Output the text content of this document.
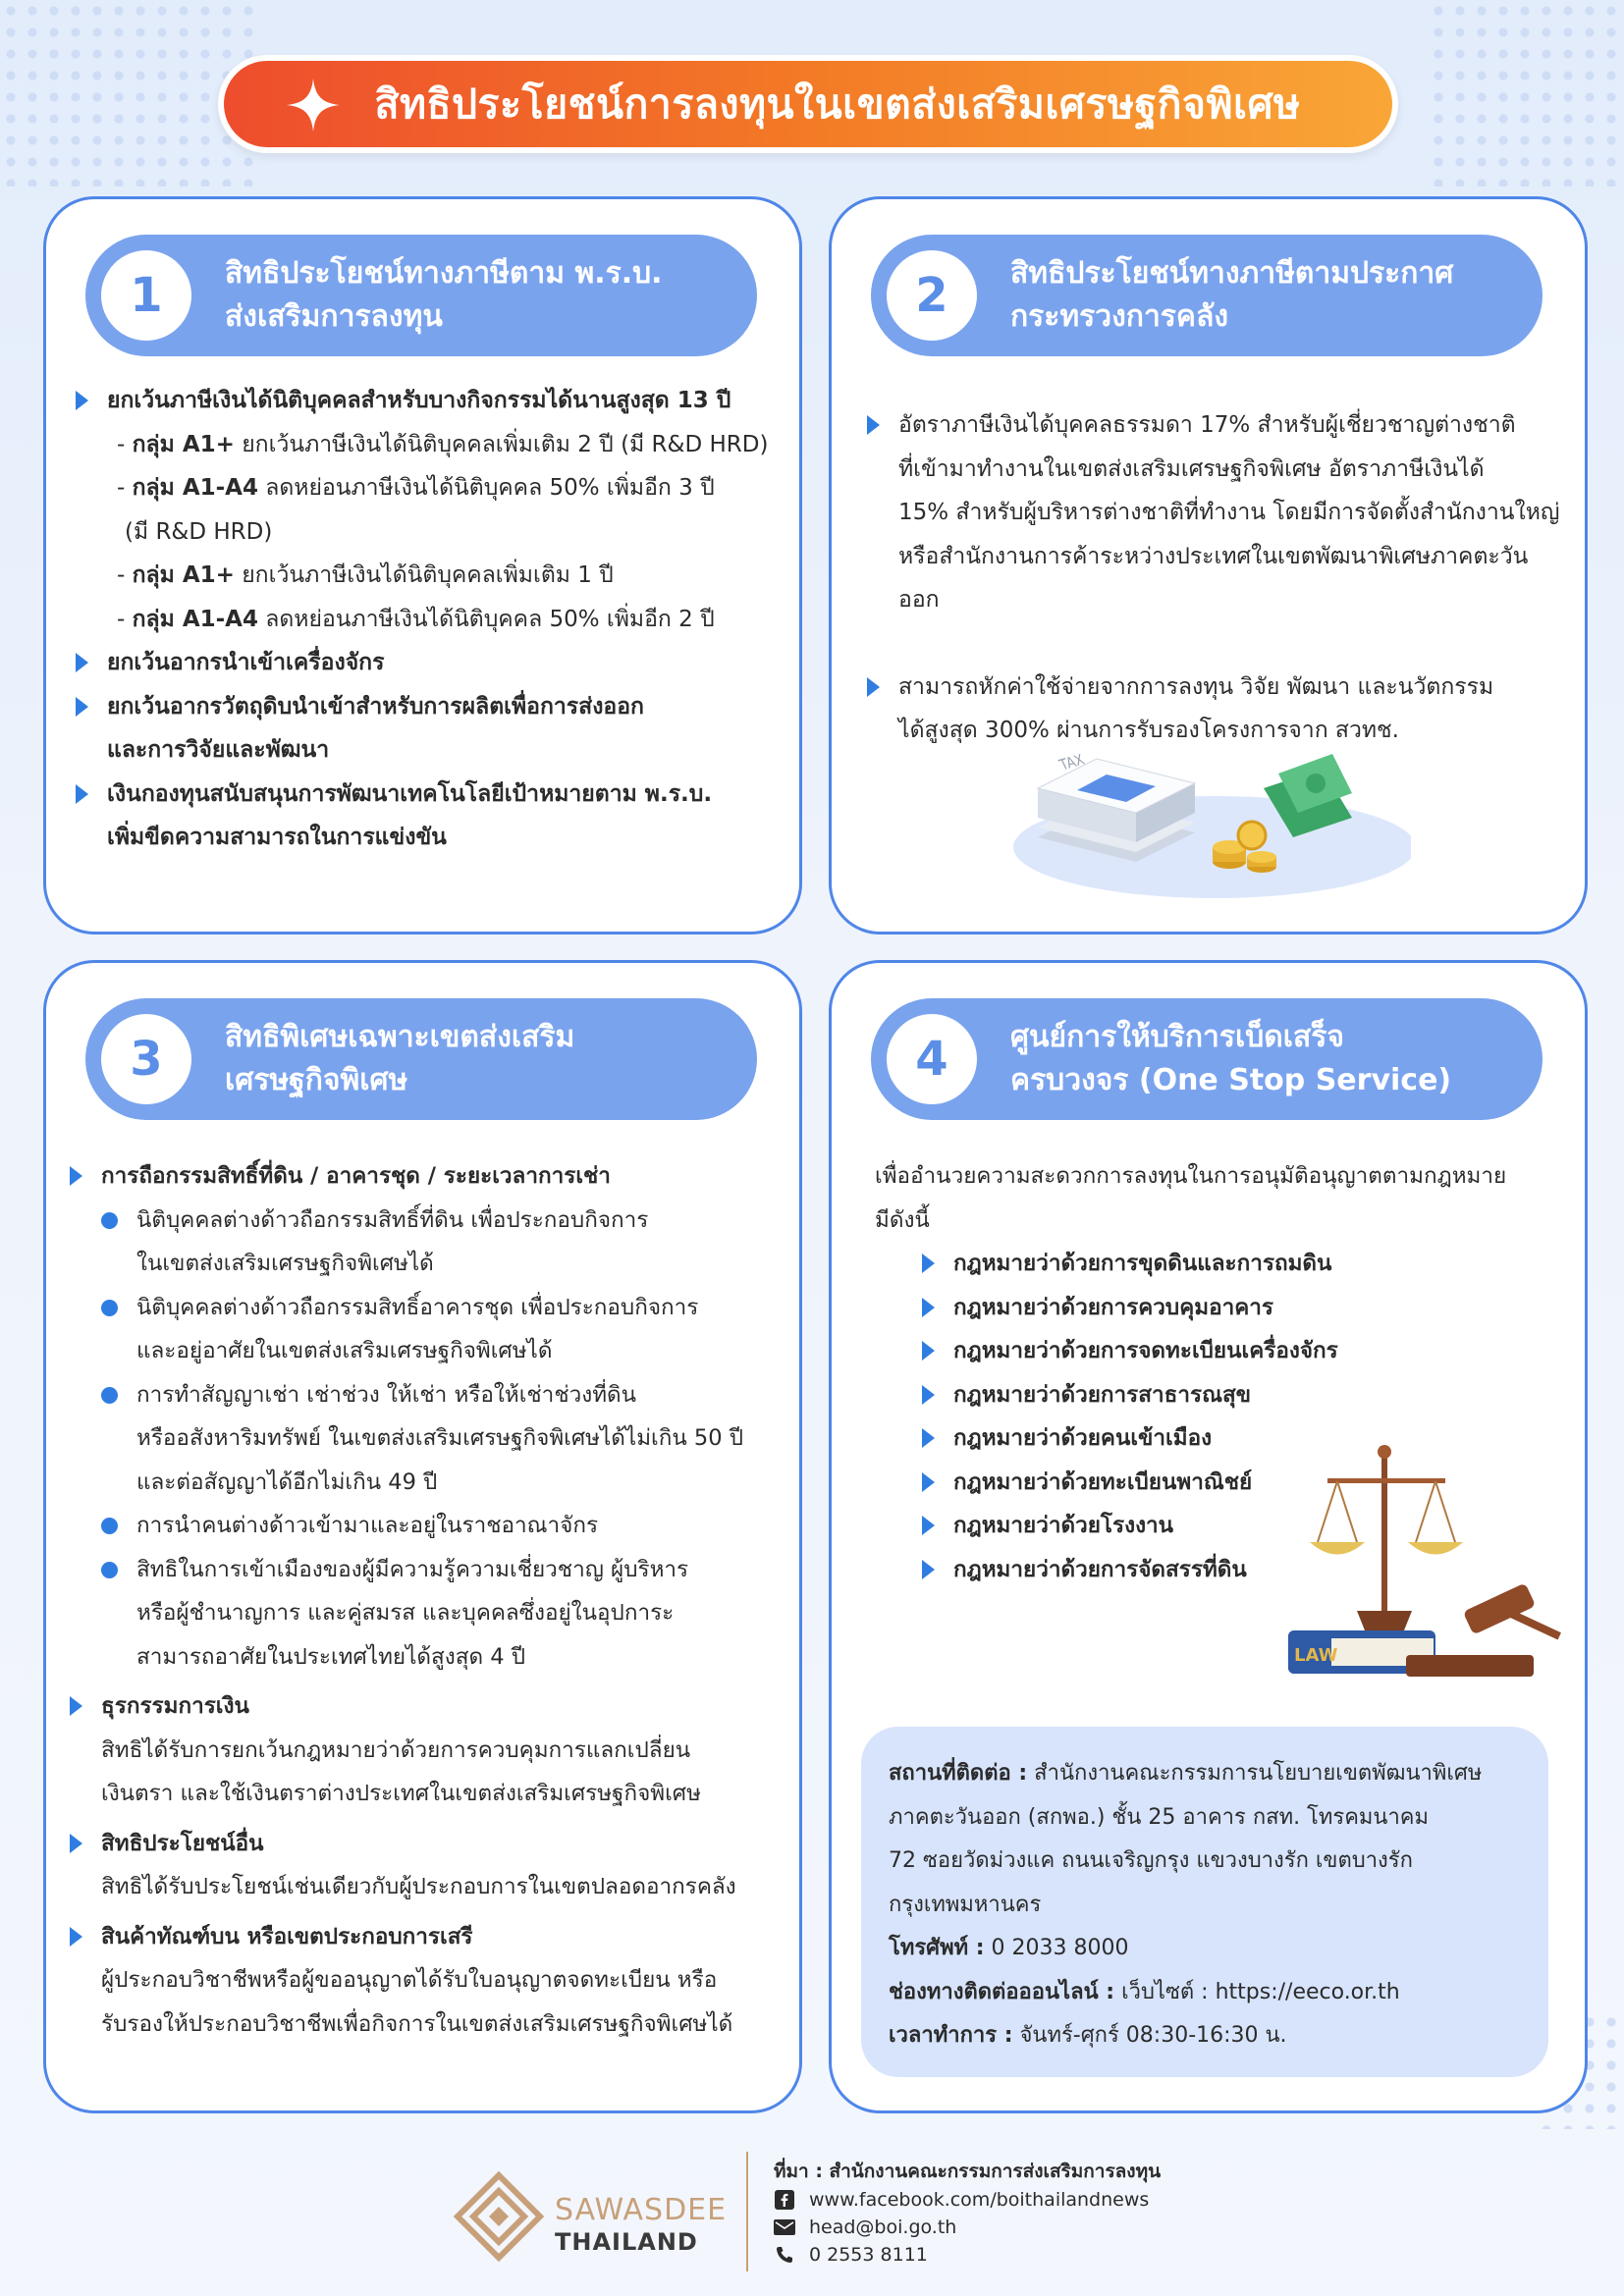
สิทธิประโยชน์การลงทุนในเขตส่งเสริมเศรษฐกิจพิเศษ
1	สิทธิประโยชน์ทางภาษีตาม พ.ร.บ.
ส่งเสริมการลงทุน
ยกเว้นภาษีเงินได้นิติบุคคลสำหรับบางกิจกรรมได้นานสูงสุด 13 ปี
- กลุ่ม A1+ ยกเว้นภาษีเงินได้นิติบุคคลเพิ่มเติม 2 ปี (มี R&D HRD)
- กลุ่ม A1-A4 ลดหย่อนภาษีเงินได้นิติบุคคล 50% เพิ่มอีก 3 ปี
(มี R&D HRD)
- กลุ่ม A1+ ยกเว้นภาษีเงินได้นิติบุคคลเพิ่มเติม 1 ปี
- กลุ่ม A1-A4 ลดหย่อนภาษีเงินได้นิติบุคคล 50% เพิ่มอีก 2 ปี
ยกเว้นอากรนำเข้าเครื่องจักร
ยกเว้นอากรวัตถุดิบนำเข้าสำหรับการผลิตเพื่อการส่งออก
และการวิจัยและพัฒนา
เงินกองทุนสนับสนุนการพัฒนาเทคโนโลยีเป้าหมายตาม พ.ร.บ.
เพิ่มขีดความสามารถในการแข่งขัน
2	สิทธิประโยชน์ทางภาษีตามประกาศ
กระทรวงการคลัง
อัตราภาษีเงินได้บุคคลธรรมดา 17% สำหรับผู้เชี่ยวชาญต่างชาติ
ที่เข้ามาทำงานในเขตส่งเสริมเศรษฐกิจพิเศษ อัตราภาษีเงินได้
15% สำหรับผู้บริหารต่างชาติที่ทำงาน โดยมีการจัดตั้งสำนักงานใหญ่
หรือสำนักงานการค้าระหว่างประเทศในเขตพัฒนาพิเศษภาคตะวันออก
สามารถหักค่าใช้จ่ายจากการลงทุน วิจัย พัฒนา และนวัตกรรม
ได้สูงสุด 300% ผ่านการรับรองโครงการจาก สวทช.
TAX
3	สิทธิพิเศษเฉพาะเขตส่งเสริม
เศรษฐกิจพิเศษ
การถือกรรมสิทธิ์ที่ดิน / อาคารชุด / ระยะเวลาการเช่า
นิติบุคคลต่างด้าวถือกรรมสิทธิ์ที่ดิน เพื่อประกอบกิจการ
ในเขตส่งเสริมเศรษฐกิจพิเศษได้
นิติบุคคลต่างด้าวถือกรรมสิทธิ์อาคารชุด เพื่อประกอบกิจการ
และอยู่อาศัยในเขตส่งเสริมเศรษฐกิจพิเศษได้
การทำสัญญาเช่า เช่าช่วง ให้เช่า หรือให้เช่าช่วงที่ดิน
หรืออสังหาริมทรัพย์ ในเขตส่งเสริมเศรษฐกิจพิเศษได้ไม่เกิน 50 ปี
และต่อสัญญาได้อีกไม่เกิน 49 ปี
การนำคนต่างด้าวเข้ามาและอยู่ในราชอาณาจักร
สิทธิในการเข้าเมืองของผู้มีความรู้ความเชี่ยวชาญ ผู้บริหาร
หรือผู้ชำนาญการ และคู่สมรส และบุคคลซึ่งอยู่ในอุปการะ
สามารถอาศัยในประเทศไทยได้สูงสุด 4 ปี
ธุรกรรมการเงิน
สิทธิได้รับการยกเว้นกฎหมายว่าด้วยการควบคุมการแลกเปลี่ยน
เงินตรา และใช้เงินตราต่างประเทศในเขตส่งเสริมเศรษฐกิจพิเศษ
สิทธิประโยชน์อื่น
สิทธิได้รับประโยชน์เช่นเดียวกับผู้ประกอบการในเขตปลอดอากรคลัง
สินค้าทัณฑ์บน หรือเขตประกอบการเสรี
ผู้ประกอบวิชาชีพหรือผู้ขออนุญาตได้รับใบอนุญาตจดทะเบียน หรือ
รับรองให้ประกอบวิชาชีพเพื่อกิจการในเขตส่งเสริมเศรษฐกิจพิเศษได้
4	ศูนย์การให้บริการเบ็ดเสร็จ
ครบวงจร (One Stop Service)
เพื่ออำนวยความสะดวกการลงทุนในการอนุมัติอนุญาตตามกฎหมาย
มีดังนี้
กฎหมายว่าด้วยการขุดดินและการถมดิน
กฎหมายว่าด้วยการควบคุมอาคาร
กฎหมายว่าด้วยการจดทะเบียนเครื่องจักร
กฎหมายว่าด้วยการสาธารณสุข
กฎหมายว่าด้วยคนเข้าเมือง
กฎหมายว่าด้วยทะเบียนพาณิชย์
กฎหมายว่าด้วยโรงงาน
กฎหมายว่าด้วยการจัดสรรที่ดิน
LAW
สถานที่ติดต่อ : สำนักงานคณะกรรมการนโยบายเขตพัฒนาพิเศษ
ภาคตะวันออก (สกพอ.) ชั้น 25 อาคาร กสท. โทรคมนาคม
72 ซอยวัดม่วงแค ถนนเจริญกรุง แขวงบางรัก เขตบางรัก
กรุงเทพมหานคร
โทรศัพท์ : 0 2033 8000
ช่องทางติดต่อออนไลน์ : เว็บไซต์ : https://eeco.or.th
เวลาทำการ : จันทร์-ศุกร์ 08:30-16:30 น.
SAWASDEE
THAILAND
ที่มา : สำนักงานคณะกรรมการส่งเสริมการลงทุน
www.facebook.com/boithailandnews
head@boi.go.th
0 2553 8111
